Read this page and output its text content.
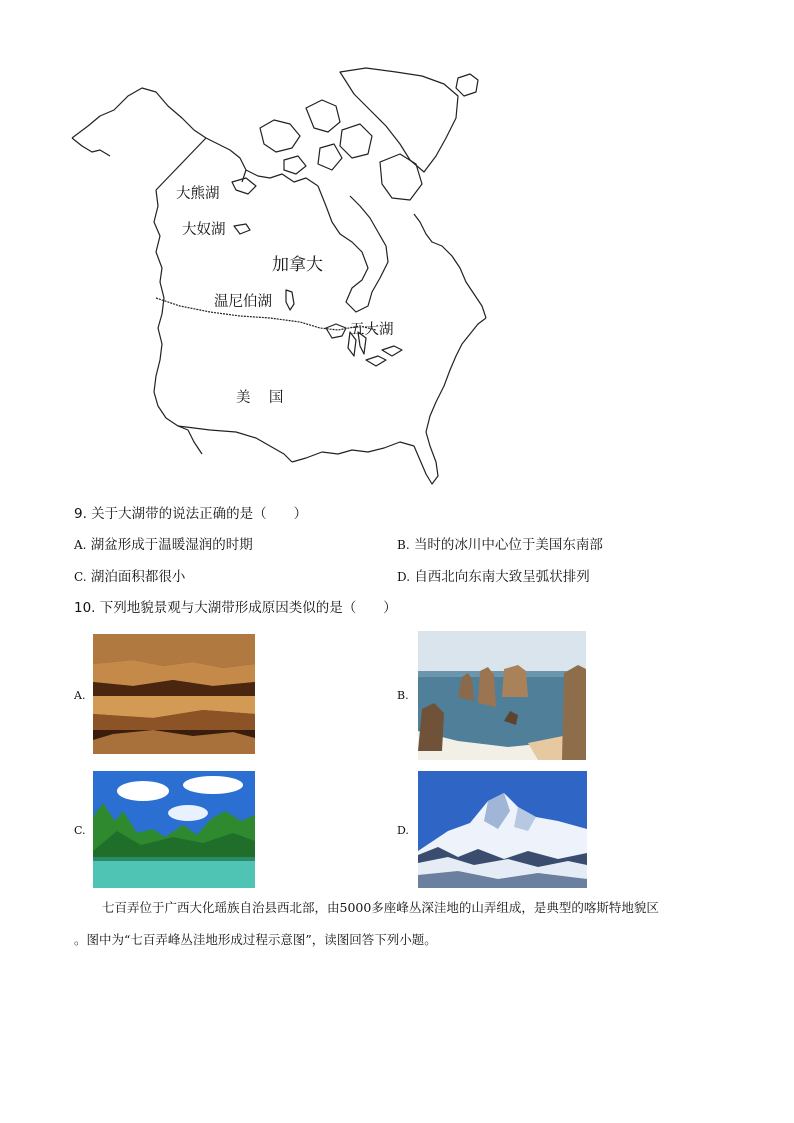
大熊湖
大奴湖
加拿大
温尼伯湖
五大湖
美    国
9. 关于大湖带的说法正确的是（　　）
A. 湖盆形成于温暖湿润的时期	B. 当时的冰川中心位于美国东南部
C. 湖泊面积都很小	D. 自西北向东南大致呈弧状排列
10. 下列地貌景观与大湖带形成原因类似的是（　　）
A.	B.
C.	D.
七百弄位于广西大化瑶族自治县西北部，由5000多座峰丛深洼地的山弄组成，是典型的喀斯特地貌区
。图中为“七百弄峰丛洼地形成过程示意图”，读图回答下列小题。
